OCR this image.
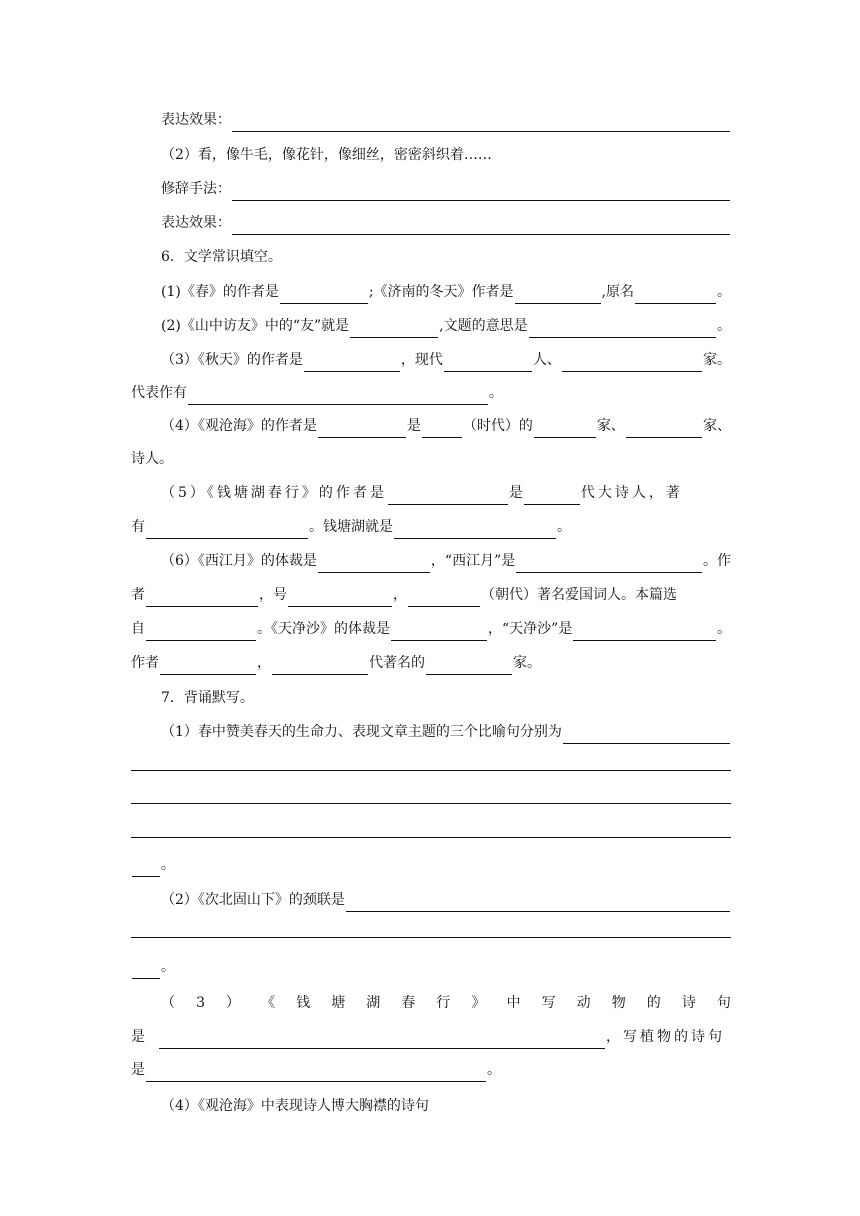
表达效果：
（2）看，像牛毛，像花针，像细丝，密密斜织着……
修辞手法：
表达效果：
6．文学常识填空。
(1)《春》的作者是	;《济南的冬天》作者是	,原名	。
(2)《山中访友》中的“友”就是	,文题的意思是	。
（3）《秋天》的作者是	，现代	人、	家。
代表作有	。
（4）《观沧海》的作者是	是	（时代）的	家、	家、
诗人。
（5）《钱塘湖春行》的作者是	是	代大诗人，著
有	。钱塘湖就是	。
（6）《西江月》的体裁是	，“西江月”是	。作
者	，号	，	（朝代）著名爱国词人。本篇选
自	。《天净沙》的体裁是	，“天净沙”是	。
作者	，	代著名的	家。
7．背诵默写。
（1）春中赞美春天的生命力、表现文章主题的三个比喻句分别为
。
（2）《次北固山下》的颈联是
。
（ 3 ） 《 钱 塘 湖 春 行 》 中 写 动 物 的 诗 句
是	，写植物的诗句
是	。
（4）《观沧海》中表现诗人博大胸襟的诗句
